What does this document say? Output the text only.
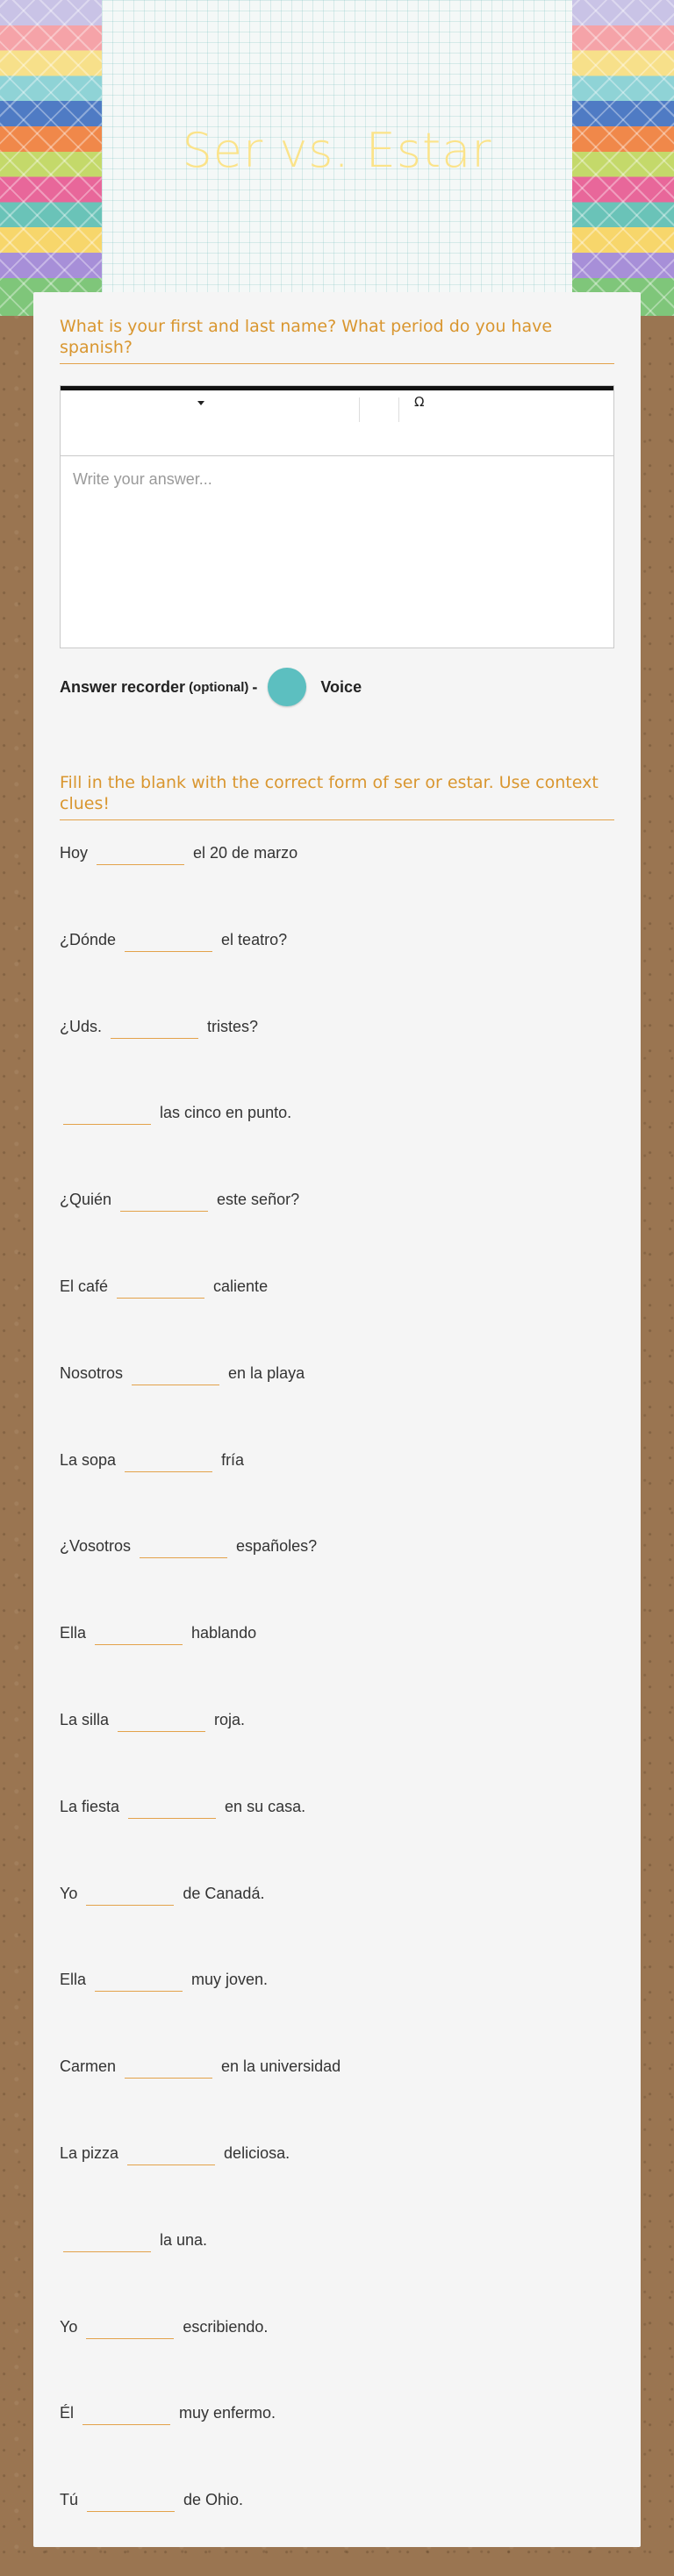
Ser vs. Estar
What is your first and last name? What period do you have spanish?
Ω
Write your answer...
Answer recorder (optional) -	Voice
Fill in the blank with the correct form of ser or estar. Use context clues!
Hoy	el 20 de marzo
¿Dónde	el teatro?
¿Uds.	tristes?
las cinco en punto.
¿Quién	este señor?
El café	caliente
Nosotros	en la playa
La sopa	fría
¿Vosotros	españoles?
Ella	hablando
La silla	roja.
La fiesta	en su casa.
Yo	de Canadá.
Ella	muy joven.
Carmen	en la universidad
La pizza	deliciosa.
la una.
Yo	escribiendo.
Él	muy enfermo.
Tú	de Ohio.
